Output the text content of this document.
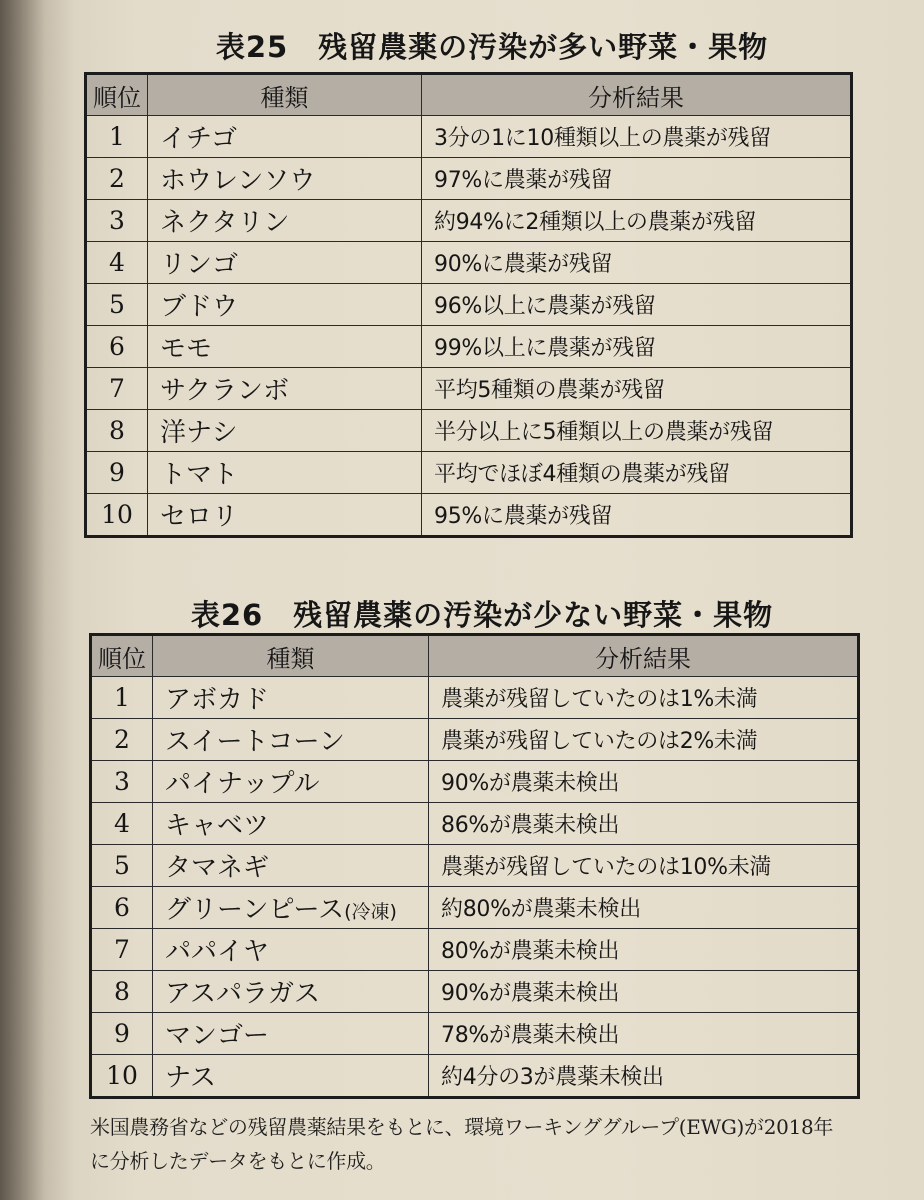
表25　残留農薬の汚染が多い野菜・果物
順位	種類	分析結果
1	イチゴ	3分の1に10種類以上の農薬が残留
2	ホウレンソウ	97%に農薬が残留
3	ネクタリン	約94%に2種類以上の農薬が残留
4	リンゴ	90%に農薬が残留
5	ブドウ	96%以上に農薬が残留
6	モモ	99%以上に農薬が残留
7	サクランボ	平均5種類の農薬が残留
8	洋ナシ	半分以上に5種類以上の農薬が残留
9	トマト	平均でほぼ4種類の農薬が残留
10	セロリ	95%に農薬が残留
表26　残留農薬の汚染が少ない野菜・果物
順位	種類	分析結果
1	アボカド	農薬が残留していたのは1%未満
2	スイートコーン	農薬が残留していたのは2%未満
3	パイナップル	90%が農薬未検出
4	キャベツ	86%が農薬未検出
5	タマネギ	農薬が残留していたのは10%未満
6	グリーンピース(冷凍)	約80%が農薬未検出
7	パパイヤ	80%が農薬未検出
8	アスパラガス	90%が農薬未検出
9	マンゴー	78%が農薬未検出
10	ナス	約4分の3が農薬未検出
米国農務省などの残留農薬結果をもとに、環境ワーキンググループ(EWG)が2018年
に分析したデータをもとに作成。
